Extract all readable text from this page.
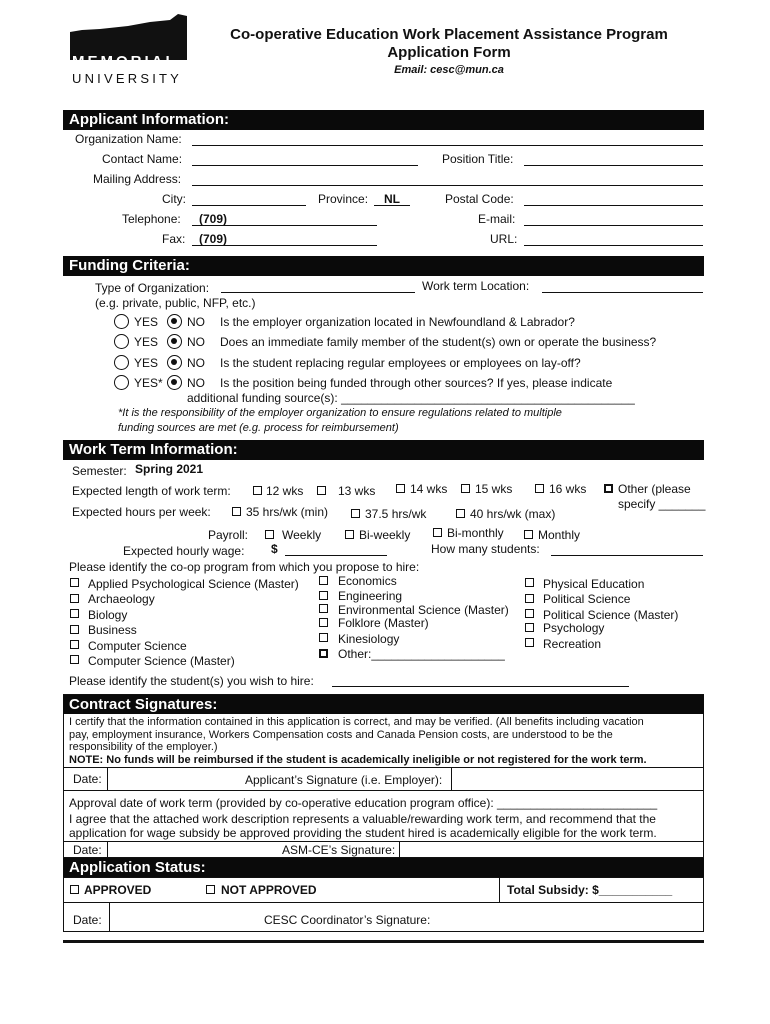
MEMORIAL
UNIVERSITY
Co-operative Education Work Placement Assistance Program
Application Form
Email: cesc@mun.ca
Applicant Information:
Organization Name:
Contact Name:	Position Title:
Mailing Address:
City:	Province: NL	Postal Code:
Telephone: (709)	E-mail:
Fax: (709)	URL:
Funding Criteria:
Type of Organization:	Work term Location:
(e.g. private, public, NFP, etc.)
YES NO Is the employer organization located in Newfoundland & Labrador?
YES NO Does an immediate family member of the student(s) own or operate the business?
YES NO Is the student replacing regular employees or employees on lay-off?
YES* NO Is the position being funded through other sources? If yes, please indicate
additional funding source(s): ____________________________________________
*It is the responsibility of the employer organization to ensure regulations related to multiple
funding sources are met (e.g. process for reimbursement)
Work Term Information:
Semester: Spring 2021
Expected length of work term:	12 wks	13 wks	14 wks 15 wks	16 wks	Other (please
specify _______
Expected hours per week:	35 hrs/wk (min)	37.5 hrs/wk	40 hrs/wk (max)
Payroll:	Weekly	Bi-weekly	Bi-monthly	Monthly
Expected hourly wage: $	How many students:
Please identify the co-op program from which you propose to hire:
Applied Psychological Science (Master)
Archaeology
Biology
Business
Computer Science
Computer Science (Master)
Economics
Engineering
Environmental Science (Master)
Folklore (Master)
Kinesiology
Other:____________________
Physical Education
Political Science
Political Science (Master)
Psychology
Recreation
Please identify the student(s) you wish to hire:
Contract Signatures:
I certify that the information contained in this application is correct, and may be verified. (All benefits including vacation
pay, employment insurance, Workers Compensation costs and Canada Pension costs, are understood to be the
responsibility of the employer.)
NOTE: No funds will be reimbursed if the student is academically ineligible or not registered for the work term.
Date:	Applicant’s Signature (i.e. Employer):
Approval date of work term (provided by co-operative education program office): ________________________
I agree that the attached work description represents a valuable/rewarding work term, and recommend that the
application for wage subsidy be approved providing the student hired is academically eligible for the work term.
Date:	ASM-CE’s Signature:
Application Status:
APPROVED	NOT APPROVED	Total Subsidy: $___________
Date:	CESC Coordinator’s Signature:
